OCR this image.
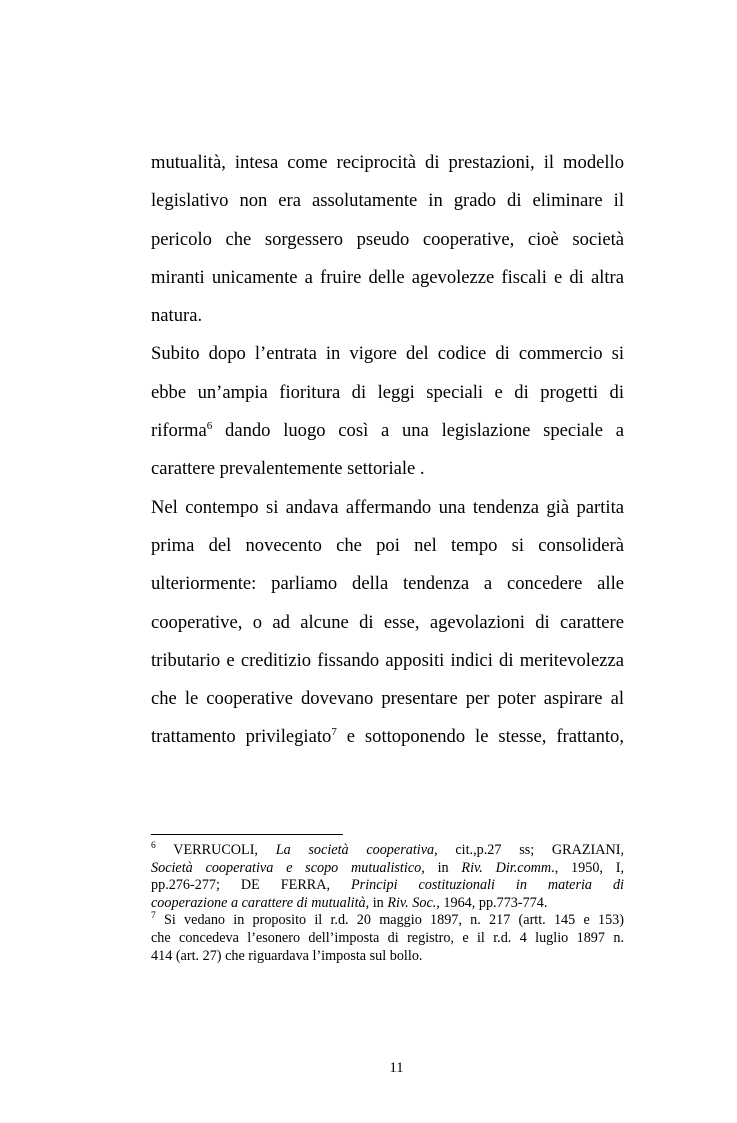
mutualità, intesa come reciprocità di prestazioni, il modello
legislativo non era assolutamente in grado di eliminare il
pericolo che sorgessero pseudo cooperative, cioè società
miranti unicamente a fruire delle agevolezze fiscali e di altra
natura.
Subito dopo l’entrata in vigore del codice di commercio si
ebbe un’ampia fioritura di leggi speciali e di progetti di
riforma$^6$ dando luogo così a una legislazione speciale a
carattere prevalentemente settoriale .
Nel contempo si andava affermando una tendenza già partita
prima del novecento che poi nel tempo si consoliderà
ulteriormente: parliamo della tendenza a concedere alle
cooperative, o ad alcune di esse, agevolazioni di carattere
tributario e creditizio fissando appositi indici di meritevolezza
che le cooperative dovevano presentare per poter aspirare al
trattamento privilegiato$^7$ e sottoponendo le stesse, frattanto,
$^6$ VERRUCOLI, La società cooperativa, cit.,p.27 ss; GRAZIANI,
Società cooperativa e scopo mutualistico, in Riv. Dir.comm., 1950, I,
pp.276-277; DE FERRA, Principi costituzionali in materia di
cooperazione a carattere di mutualità, in Riv. Soc., 1964, pp.773-774.
$^7$ Si vedano in proposito il r.d. 20 maggio 1897, n. 217 (artt. 145 e 153)
che concedeva l’esonero dell’imposta di registro, e il r.d. 4 luglio 1897 n.
414 (art. 27) che riguardava l’imposta sul bollo.
11
